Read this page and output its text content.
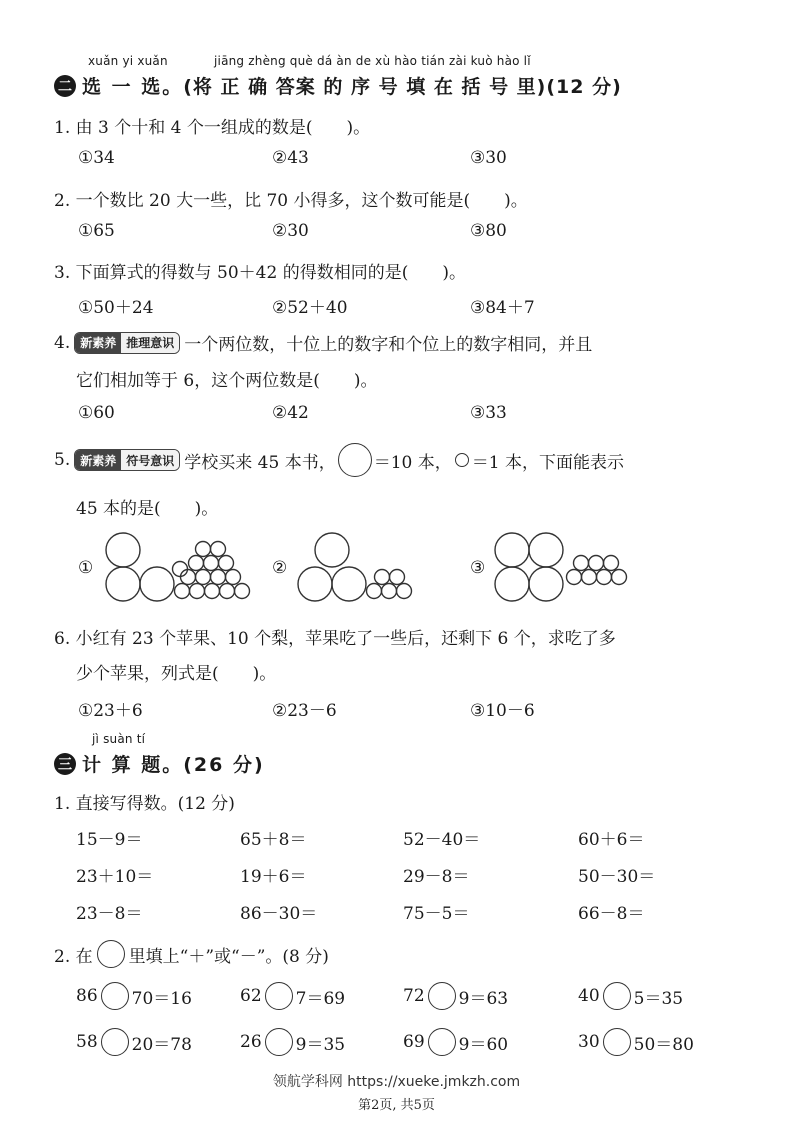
xuǎn yi xuǎn	jiāng zhèng què dá àn de xù hào tián zài kuò hào lǐ
二 选 一 选。 (将 正 确 答案 的 序 号 填 在 括 号 里)(12 分)
1. 由 3 个十和 4 个一组成的数是(　　)。
①34	②43	③30
2. 一个数比 20 大一些，比 70 小得多，这个数可能是(　　)。
①65	②30	③80
3. 下面算式的得数与 50＋42 的得数相同的是(　　)。
①50＋24	②52＋40	③84＋7
4. 新素养 推理意识 一个两位数，十位上的数字和个位上的数字相同，并且
它们相加等于 6，这个两位数是(　　)。
①60	②42	③33
5. 新素养 符号意识 学校买来 45 本书， ＝10 本， ＝1 本，下面能表示
45 本的是(　　)。
①	②	③
6. 小红有 23 个苹果、10 个梨，苹果吃了一些后，还剩下 6 个，求吃了多
少个苹果，列式是(　　)。
①23＋6	②23－6	③10－6
jì suàn tí
三 计 算 题。(26 分)
1. 直接写得数。(12 分)
15－9＝	65＋8＝	52－40＝	60＋6＝
23＋10＝	19＋6＝	29－8＝	50－30＝
23－8＝	86－30＝	75－5＝	66－8＝
2. 在 里填上“＋”或“－”。(8 分)
86 70＝16	62 7＝69	72 9＝63	40 5＝35
58 20＝78	26 9＝35	69 9＝60	30 50＝80
领航学科网 https://xueke.jmkzh.com
第2页, 共5页
